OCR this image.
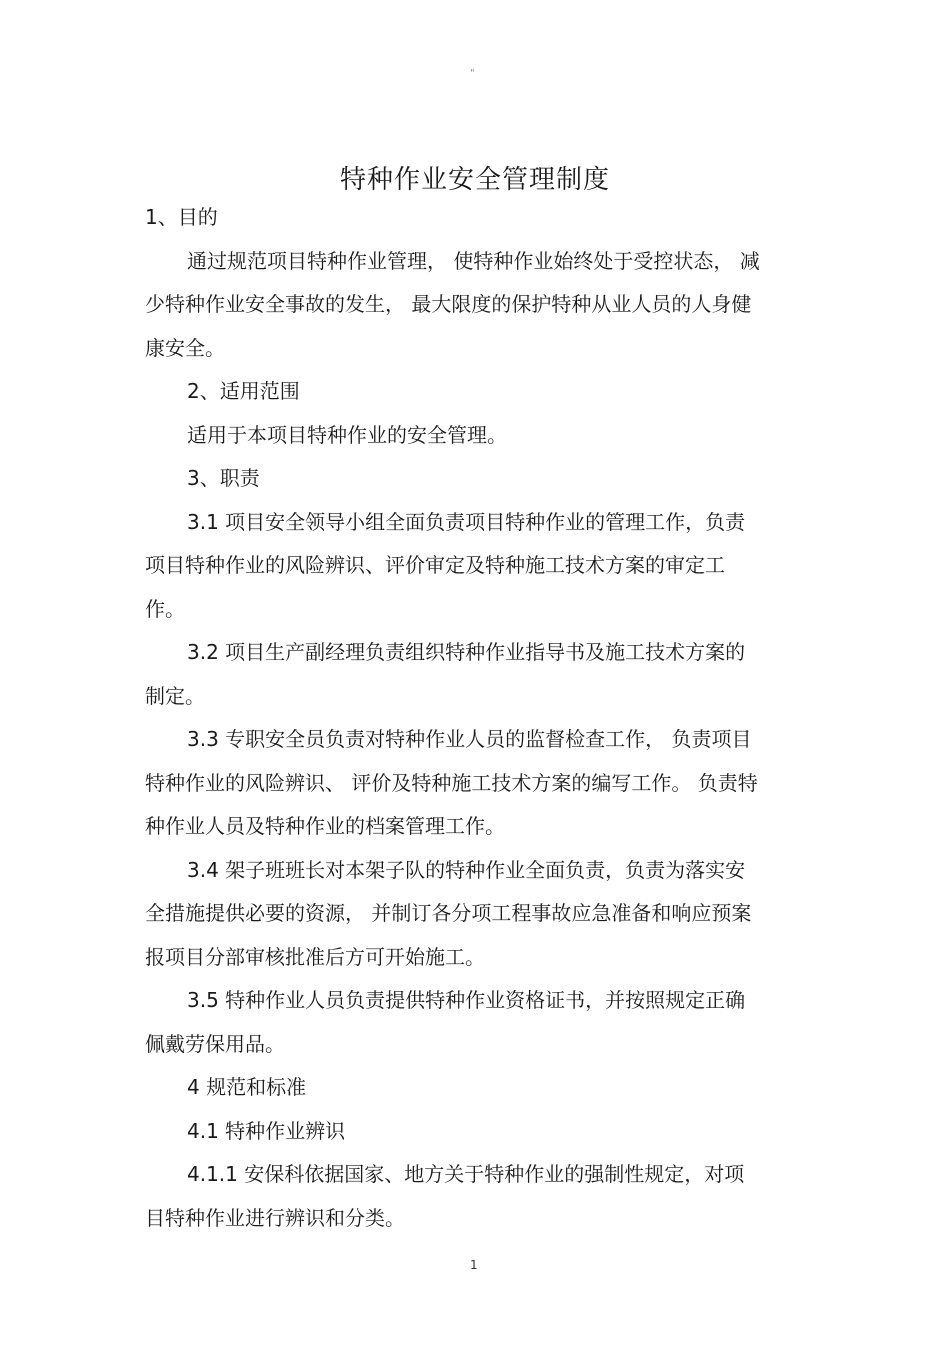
"
特种作业安全管理制度

1、目的

通过规范项目特种作业管理， 使特种作业始终处于受控状态， 减

少特种作业安全事故的发生， 最大限度的保护特种从业人员的人身健

康安全。

2、适用范围

适用于本项目特种作业的安全管理。

3、职责

3.1 项目安全领导小组全面负责项目特种作业的管理工作，负责

项目特种作业的风险辨识、评价审定及特种施工技术方案的审定工

作。

3.2 项目生产副经理负责组织特种作业指导书及施工技术方案的

制定。

3.3 专职安全员负责对特种作业人员的监督检查工作， 负责项目

特种作业的风险辨识、 评价及特种施工技术方案的编写工作。 负责特

种作业人员及特种作业的档案管理工作。

3.4 架子班班长对本架子队的特种作业全面负责，负责为落实安

全措施提供必要的资源， 并制订各分项工程事故应急准备和响应预案

报项目分部审核批准后方可开始施工。

3.5 特种作业人员负责提供特种作业资格证书，并按照规定正确

佩戴劳保用品。

4 规范和标准

4.1 特种作业辨识

4.1.1 安保科依据国家、地方关于特种作业的强制性规定，对项

目特种作业进行辨识和分类。

1
